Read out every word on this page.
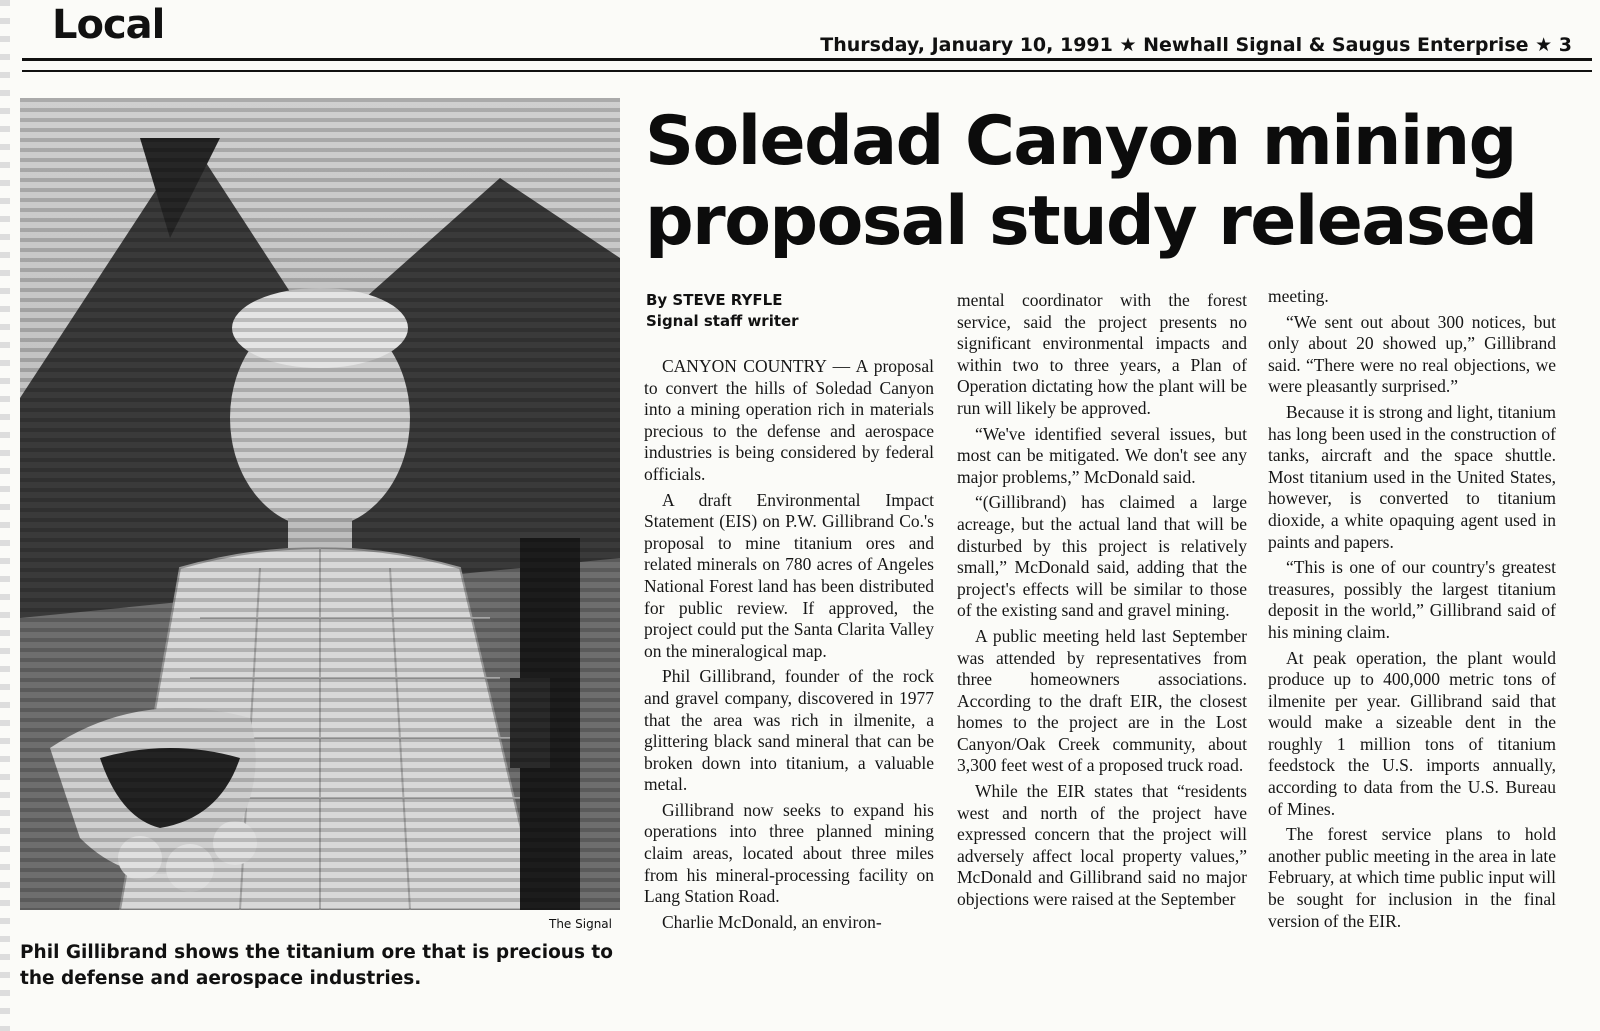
Local	Thursday, January 10, 1991 ★ Newhall Signal & Saugus Enterprise ★ 3
The Signal
Phil Gillibrand shows the titanium ore that is precious to the defense and aerospace industries.
Soledad Canyon mining
proposal study released
By STEVE RYFLE
Signal staff writer

CANYON COUNTRY — A proposal to convert the hills of Soledad Canyon into a mining operation rich in materials precious to the defense and aerospace industries is being considered by federal officials.

A draft Environmental Impact Statement (EIS) on P.W. Gillibrand Co.'s proposal to mine titanium ores and related minerals on 780 acres of Angeles National Forest land has been distributed for public review. If approved, the project could put the Santa Clarita Valley on the mineralogical map.

Phil Gillibrand, founder of the rock and gravel company, discovered in 1977 that the area was rich in ilmenite, a glittering black sand mineral that can be broken down into titanium, a valuable metal.

Gillibrand now seeks to expand his operations into three planned mining claim areas, located about three miles from his mineral-processing facility on Lang Station Road.

Charlie McDonald, an environ-

mental coordinator with the forest service, said the project presents no significant environmental impacts and within two to three years, a Plan of Operation dictating how the plant will be run will likely be approved.

“We've identified several issues, but most can be mitigated. We don't see any major problems,” McDonald said.

“(Gillibrand) has claimed a large acreage, but the actual land that will be disturbed by this project is relatively small,” McDonald said, adding that the project's effects will be similar to those of the existing sand and gravel mining.

A public meeting held last September was attended by representatives from three homeowners associations. According to the draft EIR, the closest homes to the project are in the Lost Canyon/Oak Creek community, about 3,300 feet west of a proposed truck road.

While the EIR states that “residents west and north of the project have expressed concern that the project will adversely affect local property values,” McDonald and Gillibrand said no major objections were raised at the September

meeting.

“We sent out about 300 notices, but only about 20 showed up,” Gillibrand said. “There were no real objections, we were pleasantly surprised.”

Because it is strong and light, titanium has long been used in the construction of tanks, aircraft and the space shuttle. Most titanium used in the United States, however, is converted to titanium dioxide, a white opaquing agent used in paints and papers.

“This is one of our country's greatest treasures, possibly the largest titanium deposit in the world,” Gillibrand said of his mining claim.

At peak operation, the plant would produce up to 400,000 metric tons of ilmenite per year. Gillibrand said that would make a sizeable dent in the roughly 1 million tons of titanium feedstock the U.S. imports annually, according to data from the U.S. Bureau of Mines.

The forest service plans to hold another public meeting in the area in late February, at which time public input will be sought for inclusion in the final version of the EIR.
